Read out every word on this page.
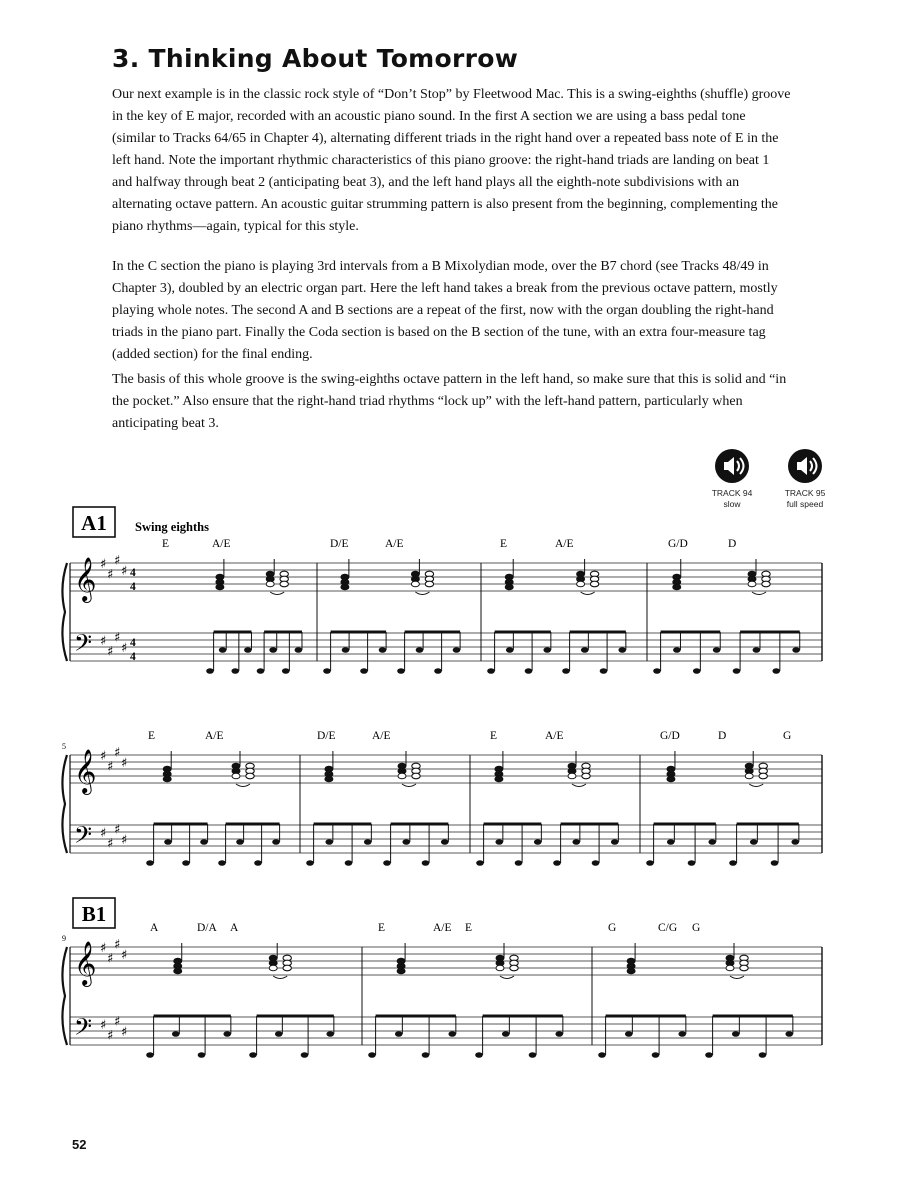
3. Thinking About Tomorrow

Our next example is in the classic rock style of “Don’t Stop” by Fleetwood Mac. This is a swing-eighths (shuffle) groove in the key of E major, recorded with an acoustic piano sound. In the first A section we are using a bass pedal tone (similar to Tracks 64/65 in Chapter 4), alternating different triads in the right hand over a repeated bass note of E in the left hand. Note the important rhythmic characteristics of this piano groove: the right-hand triads are landing on beat 1 and halfway through beat 2 (anticipating beat 3), and the left hand plays all the eighth-note subdivisions with an alternating octave pattern. An acoustic guitar strumming pattern is also present from the beginning, complementing the piano rhythms—again, typical for this style.

In the C section the piano is playing 3rd intervals from a B Mixolydian mode, over the B7 chord (see Tracks 48/49 in Chapter 3), doubled by an electric organ part. Here the left hand takes a break from the previous octave pattern, mostly playing whole notes. The second A and B sections are a repeat of the first, now with the organ doubling the right-hand triads in the piano part. Finally the Coda section is based on the B section of the tune, with an extra four-measure tag (added section) for the final ending.

The basis of this whole groove is the swing-eighths octave pattern in the left hand, so make sure that this is solid and “in the pocket.” Also ensure that the right-hand triad rhythms “lock up” with the left-hand pattern, particularly when anticipating beat 3.

TRACK 94
slow
TRACK 95
full speed
A1 Swing eighths
𝄞
𝄢
♯
♯
♯
♯
♯
♯
♯
♯
4
4
4
4
E	A/E	D/E	A/E	E	A/E	G/D	D
𝄞
𝄢
♯
♯
♯
♯
♯
♯
♯
♯
5
E	A/E	D/E	A/E	E	A/E	G/D	D	G
B1
𝄞
𝄢
♯
♯
♯
♯
♯
♯
♯
♯
9
A	D/A A	E	A/E E	G	C/G G
52
